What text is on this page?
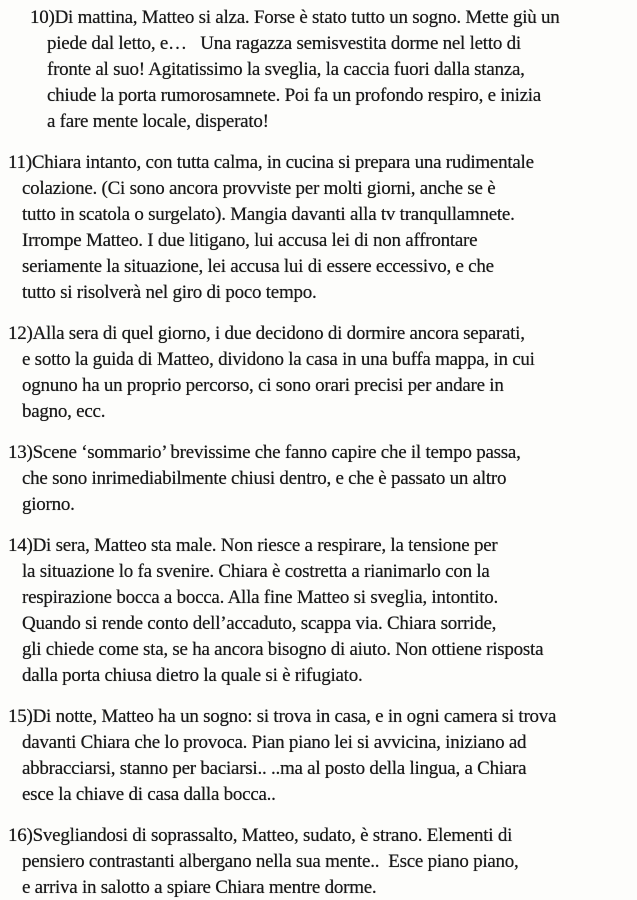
10)Di mattina, Matteo si alza. Forse è stato tutto un sogno. Mette giù un
piede dal letto, e…   Una ragazza semisvestita dorme nel letto di
fronte al suo! Agitatissimo la sveglia, la caccia fuori dalla stanza,
chiude la porta rumorosamnete. Poi fa un profondo respiro, e inizia
a fare mente locale, disperato!
11)Chiara intanto, con tutta calma, in cucina si prepara una rudimentale
colazione. (Ci sono ancora provviste per molti giorni, anche se è
tutto in scatola o surgelato). Mangia davanti alla tv tranqullamnete.
Irrompe Matteo. I due litigano, lui accusa lei di non affrontare
seriamente la situazione, lei accusa lui di essere eccessivo, e che
tutto si risolverà nel giro di poco tempo.
12)Alla sera di quel giorno, i due decidono di dormire ancora separati,
e sotto la guida di Matteo, dividono la casa in una buffa mappa, in cui
ognuno ha un proprio percorso, ci sono orari precisi per andare in
bagno, ecc.
13)Scene ‘sommario’ brevissime che fanno capire che il tempo passa,
che sono inrimediabilmente chiusi dentro, e che è passato un altro
giorno.
14)Di sera, Matteo sta male. Non riesce a respirare, la tensione per
la situazione lo fa svenire. Chiara è costretta a rianimarlo con la
respirazione bocca a bocca. Alla fine Matteo si sveglia, intontito.
Quando si rende conto dell’accaduto, scappa via. Chiara sorride,
gli chiede come sta, se ha ancora bisogno di aiuto. Non ottiene risposta
dalla porta chiusa dietro la quale si è rifugiato.
15)Di notte, Matteo ha un sogno: si trova in casa, e in ogni camera si trova
davanti Chiara che lo provoca. Pian piano lei si avvicina, iniziano ad
abbracciarsi, stanno per baciarsi.. ..ma al posto della lingua, a Chiara
esce la chiave di casa dalla bocca..
16)Svegliandosi di soprassalto, Matteo, sudato, è strano. Elementi di
pensiero contrastanti albergano nella sua mente..  Esce piano piano,
e arriva in salotto a spiare Chiara mentre dorme.
